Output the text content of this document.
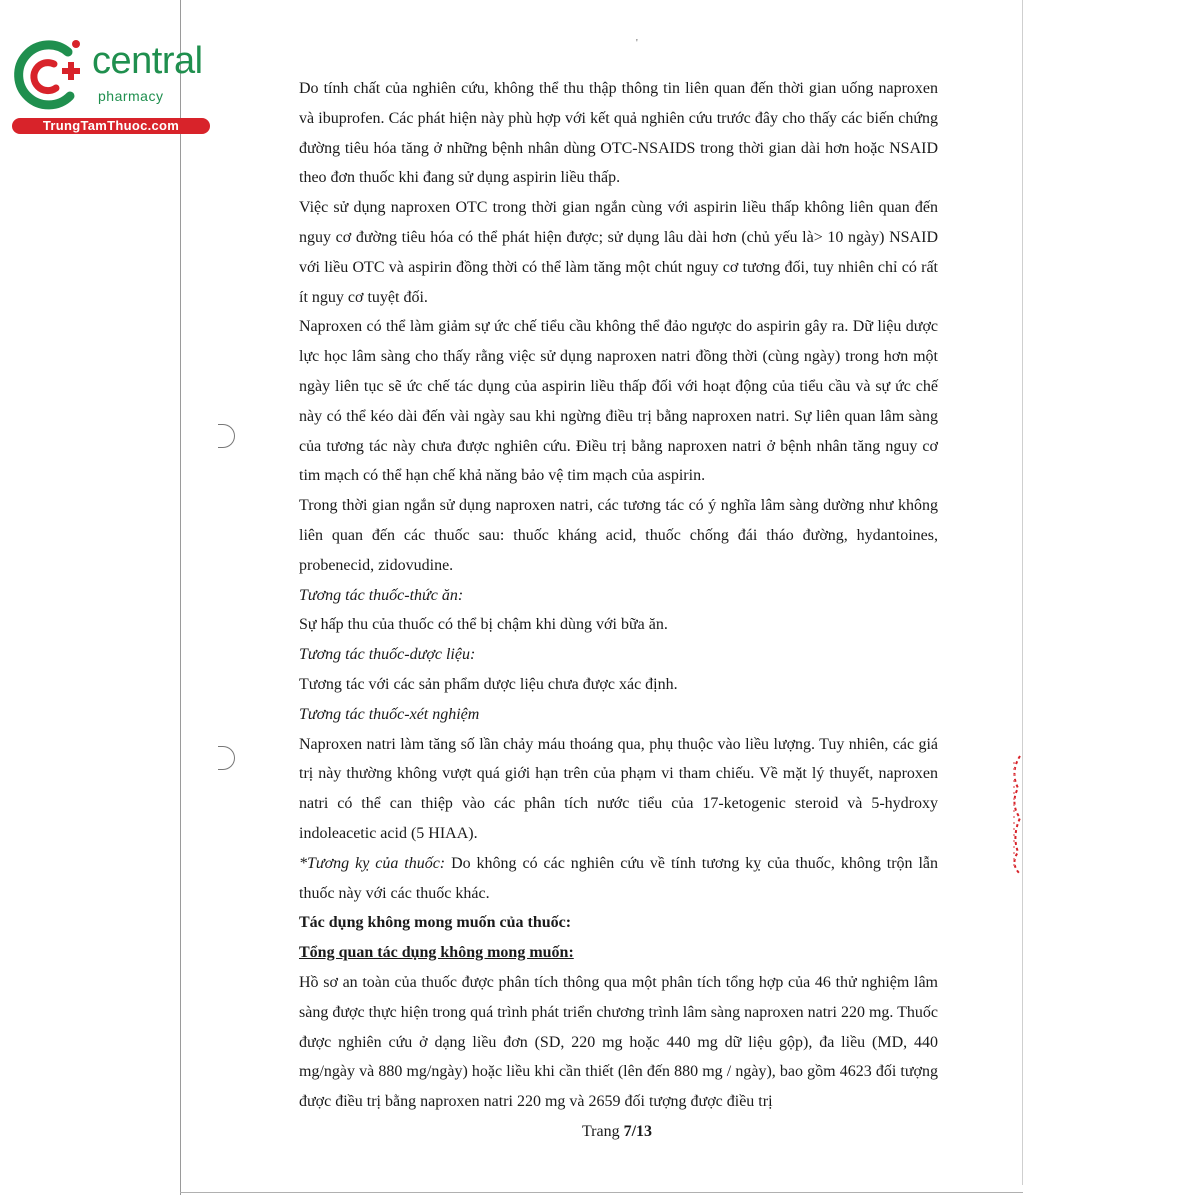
central
pharmacy
TrungTamThuoc.com
'

Do tính chất của nghiên cứu, không thể thu thập thông tin liên quan đến thời gian uống naproxen và ibuprofen. Các phát hiện này phù hợp với kết quả nghiên cứu trước đây cho thấy các biến chứng đường tiêu hóa tăng ở những bệnh nhân dùng OTC-NSAIDS trong thời gian dài hơn hoặc NSAID theo đơn thuốc khi đang sử dụng aspirin liều thấp.

Việc sử dụng naproxen OTC trong thời gian ngắn cùng với aspirin liều thấp không liên quan đến nguy cơ đường tiêu hóa có thể phát hiện được; sử dụng lâu dài hơn (chủ yếu là> 10 ngày) NSAID với liều OTC và aspirin đồng thời có thể làm tăng một chút nguy cơ tương đối, tuy nhiên chỉ có rất ít nguy cơ tuyệt đối.

Naproxen có thể làm giảm sự ức chế tiểu cầu không thể đảo ngược do aspirin gây ra. Dữ liệu dược lực học lâm sàng cho thấy rằng việc sử dụng naproxen natri đồng thời (cùng ngày) trong hơn một ngày liên tục sẽ ức chế tác dụng của aspirin liều thấp đối với hoạt động của tiểu cầu và sự ức chế này có thể kéo dài đến vài ngày sau khi ngừng điều trị bằng naproxen natri. Sự liên quan lâm sàng của tương tác này chưa được nghiên cứu. Điều trị bằng naproxen natri ở bệnh nhân tăng nguy cơ tim mạch có thể hạn chế khả năng bảo vệ tim mạch của aspirin.

Trong thời gian ngắn sử dụng naproxen natri, các tương tác có ý nghĩa lâm sàng dường như không liên quan đến các thuốc sau: thuốc kháng acid, thuốc chống đái tháo đường, hydantoines, probenecid, zidovudine.

Tương tác thuốc-thức ăn:

Sự hấp thu của thuốc có thể bị chậm khi dùng với bữa ăn.

Tương tác thuốc-dược liệu:

Tương tác với các sản phẩm dược liệu chưa được xác định.

Tương tác thuốc-xét nghiệm

Naproxen natri làm tăng số lần chảy máu thoáng qua, phụ thuộc vào liều lượng. Tuy nhiên, các giá trị này thường không vượt quá giới hạn trên của phạm vi tham chiếu. Về mặt lý thuyết, naproxen natri có thể can thiệp vào các phân tích nước tiểu của 17-ketogenic steroid và 5-hydroxy indoleacetic acid (5 HIAA).

*Tương kỵ của thuốc: Do không có các nghiên cứu về tính tương kỵ của thuốc, không trộn lẫn thuốc này với các thuốc khác.

Tác dụng không mong muốn của thuốc:

Tổng quan tác dụng không mong muốn:

Hồ sơ an toàn của thuốc được phân tích thông qua một phân tích tổng hợp của 46 thử nghiệm lâm sàng được thực hiện trong quá trình phát triển chương trình lâm sàng naproxen natri 220 mg. Thuốc được nghiên cứu ở dạng liều đơn (SD, 220 mg hoặc 440 mg dữ liệu gộp), đa liều (MD, 440 mg/ngày và 880 mg/ngày) hoặc liều khi cần thiết (lên đến 880 mg / ngày), bao gồm 4623 đối tượng được điều trị bằng naproxen natri 220 mg và 2659 đối tượng được điều trị

Trang 7/13
